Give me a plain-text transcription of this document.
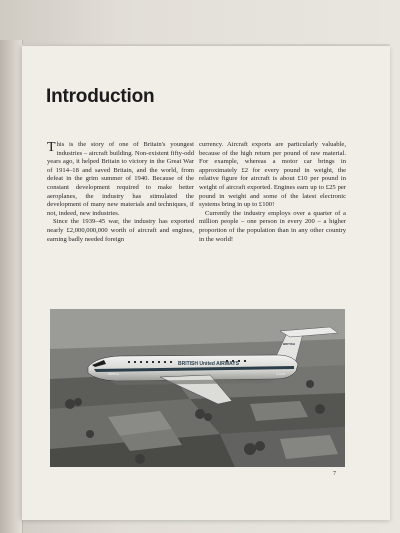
Introduction

This is the story of one of Britain's youngest industries – aircraft building. Non-existent fifty-odd years ago, it helped Britain to victory in the Great War of 1914–18 and saved Britain, and the world, from defeat in the grim summer of 1940. Because of the constant development required to make better aeroplanes, the industry has stimulated the development of many new materials and techniques, if not, indeed, new industries.

Since the 1939–45 war, the industry has exported nearly £2,000,000,000 worth of aircraft and engines, earning badly needed foreign

currency. Aircraft exports are particularly valuable, because of the high return per pound of raw material. For example, whereas a motor car brings in approximately £2 for every pound in weight, the relative figure for aircraft is about £10 per pound in weight of aircraft exported. Engines earn up to £25 per pound in weight and some of the latest electronic systems bring in up to £100!

Currently the industry employs over a quarter of a million people – one person in every 200 – a higher proportion of the population than in any other country in the world!

BRITISH United AIRWAYS
BRITISH
BRITISH
G-ASJA
7
